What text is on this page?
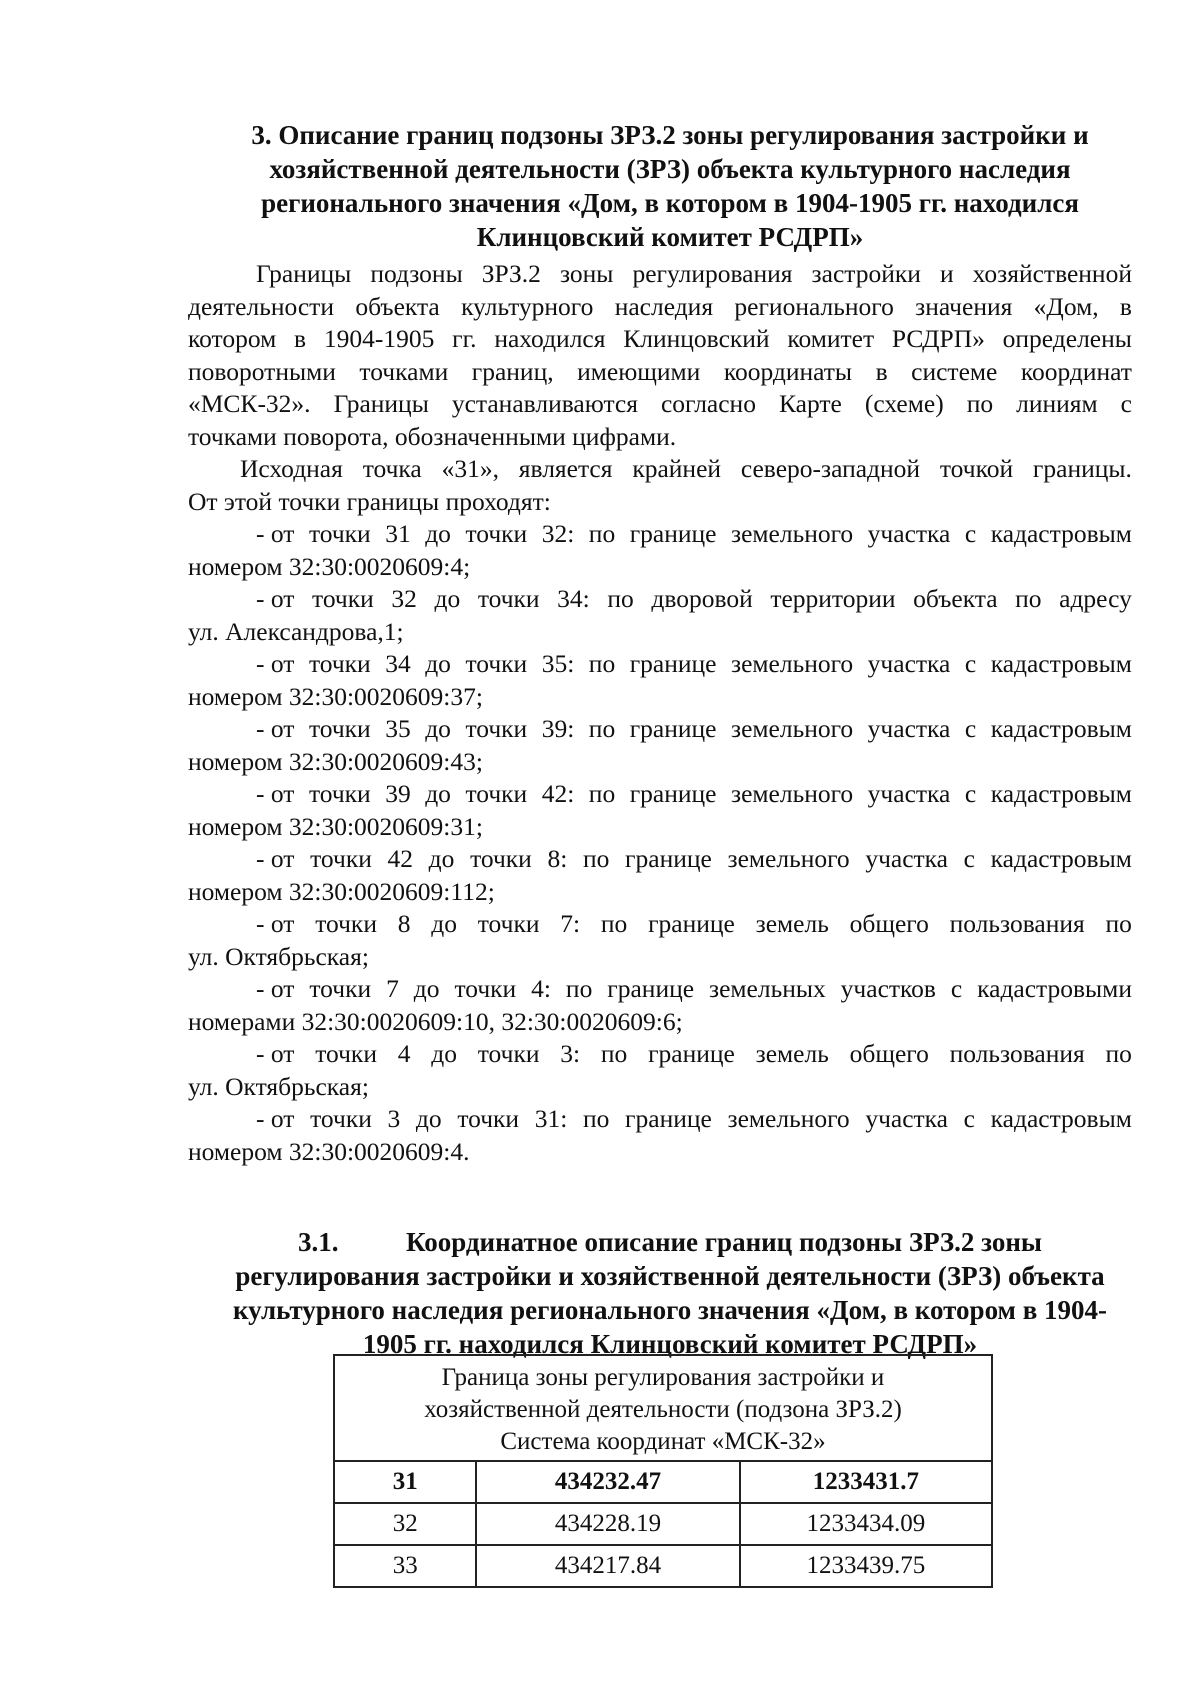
3. Описание границ подзоны ЗРЗ.2 зоны регулирования застройки и
хозяйственной деятельности (ЗРЗ) объекта культурного наследия
регионального значения «Дом, в котором в 1904-1905 гг. находился
Клинцовский комитет РСДРП»
Границы подзоны ЗРЗ.2 зоны регулирования застройки и хозяйственной
деятельности объекта культурного наследия регионального значения «Дом, в
котором в 1904-1905 гг. находился Клинцовский комитет РСДРП» определены
поворотными точками границ, имеющими координаты в системе координат
«МСК-32». Границы устанавливаются согласно Карте (схеме) по линиям с
точками поворота, обозначенными цифрами.
Исходная точка «31», является крайней северо-западной точкой границы.
От этой точки границы проходят:
- от точки 31 до точки 32: по границе земельного участка с кадастровым
номером 32:30:0020609:4;
- от точки 32 до точки 34: по дворовой территории объекта по адресу
ул. Александрова,1;
- от точки 34 до точки 35: по границе земельного участка с кадастровым
номером 32:30:0020609:37;
- от точки 35 до точки 39: по границе земельного участка с кадастровым
номером 32:30:0020609:43;
- от точки 39 до точки 42: по границе земельного участка с кадастровым
номером 32:30:0020609:31;
- от точки 42 до точки 8: по границе земельного участка с кадастровым
номером 32:30:0020609:112;
- от точки 8 до точки 7: по границе земель общего пользования по
ул. Октябрьская;
- от точки 7 до точки 4: по границе земельных участков с кадастровыми
номерами 32:30:0020609:10, 32:30:0020609:6;
- от точки 4 до точки 3: по границе земель общего пользования по
ул. Октябрьская;
- от точки 3 до точки 31: по границе земельного участка с кадастровым
номером 32:30:0020609:4.
3.1.          Координатное описание границ подзоны ЗРЗ.2 зоны
регулирования застройки и хозяйственной деятельности (ЗРЗ) объекта
культурного наследия регионального значения «Дом, в котором в 1904-
1905 гг. находился Клинцовский комитет РСДРП»
Граница зоны регулирования застройки и
хозяйственной деятельности (подзона ЗРЗ.2)
Система координат «МСК-32»		

31	434232.47	1233431.7
32	434228.19	1233434.09
33	434217.84	1233439.75
